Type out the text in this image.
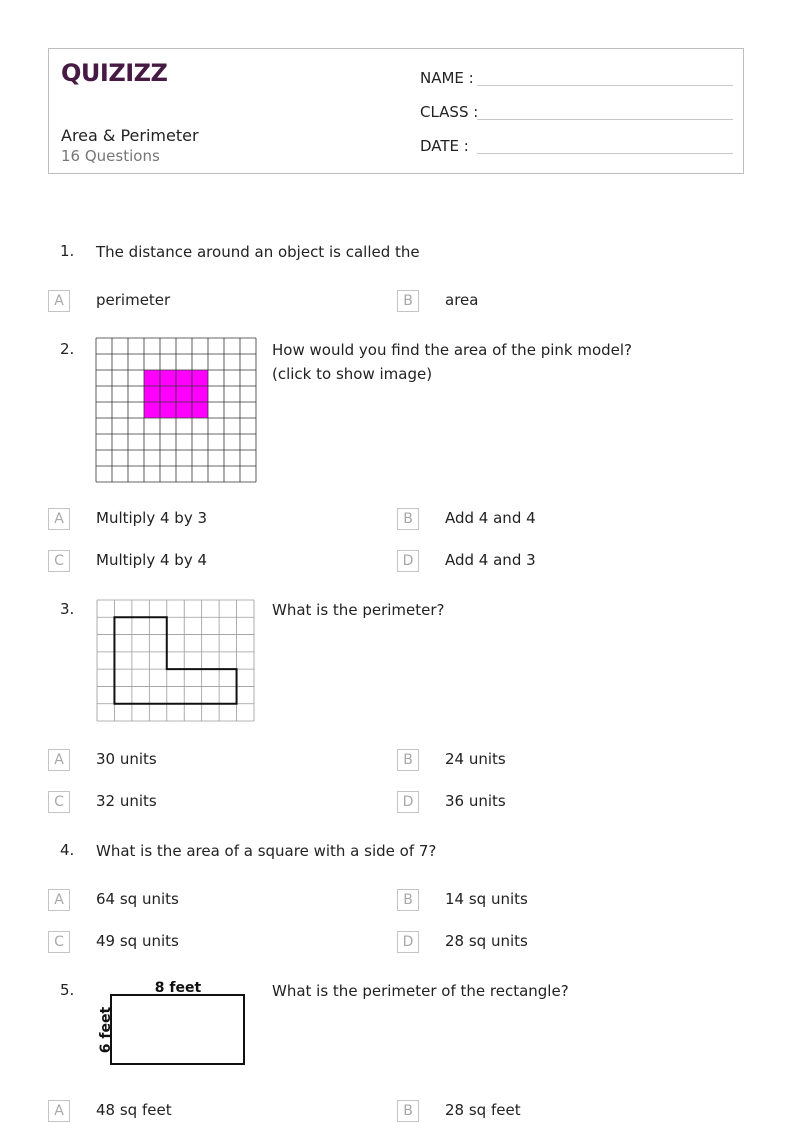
QUIZIZZ
Area & Perimeter
16 Questions
NAME :
CLASS :
DATE :
1. The distance around an object is called the
A	perimeter	B	area
2.	How would you find the area of the pink model?
(click to show image)
A	Multiply 4 by 3	B	Add 4 and 4
C	Multiply 4 by 4	D	Add 4 and 3
3.	What is the perimeter?
A	30 units	B	24 units
C	32 units	D	36 units
4. What is the area of a square with a side of 7?
A	64 sq units	B	14 sq units
C	49 sq units	D	28 sq units
5.	8 feet
6 feet
What is the perimeter of the rectangle?
A	48 sq feet	B	28 sq feet
